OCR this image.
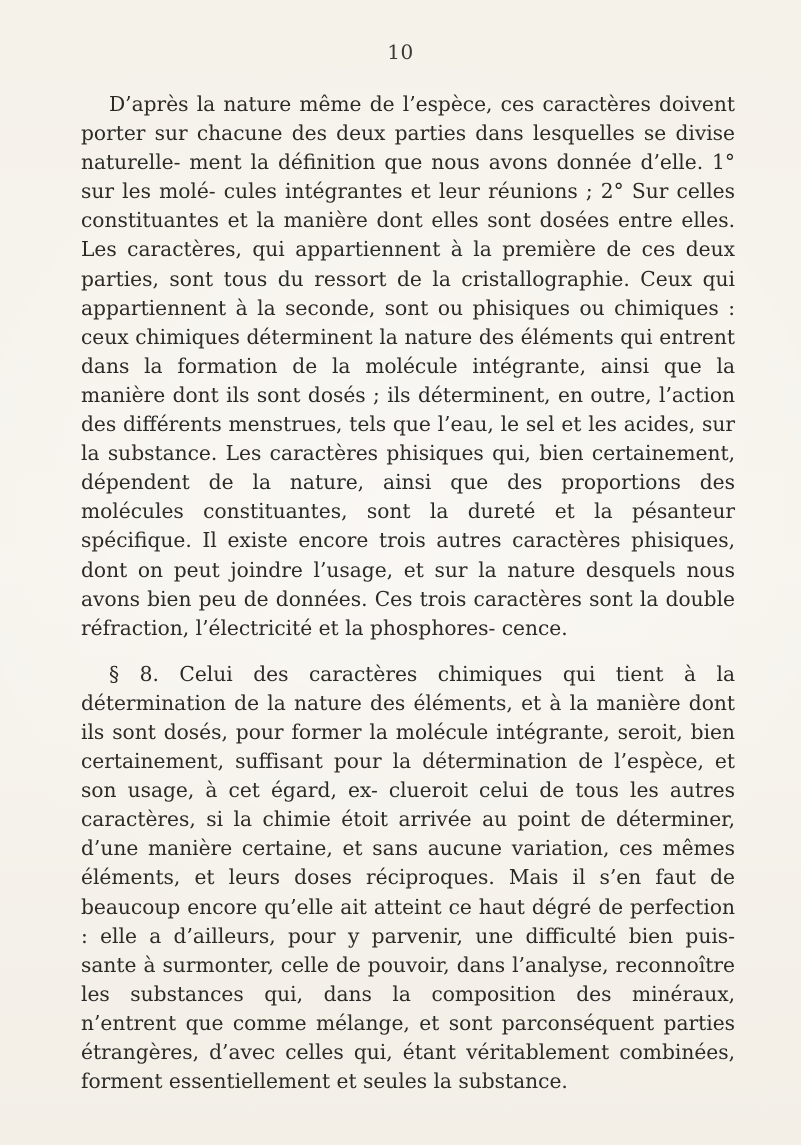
10

D’après la nature même de l’espèce, ces caractères doivent porter sur chacune des deux parties dans lesquelles se divise naturelle- ment la définition que nous avons donnée d’elle. 1° sur les molé- cules intégrantes et leur réunions ; 2° Sur celles constituantes et la manière dont elles sont dosées entre elles. Les caractères, qui appartiennent à la première de ces deux parties, sont tous du ressort de la cristallographie. Ceux qui appartiennent à la seconde, sont ou phisiques ou chimiques : ceux chimiques déterminent la nature des éléments qui entrent dans la formation de la molécule intégrante, ainsi que la manière dont ils sont dosés ; ils déterminent, en outre, l’action des différents menstrues, tels que l’eau, le sel et les acides, sur la substance. Les caractères phisiques qui, bien certainement, dépendent de la nature, ainsi que des proportions des molécules constituantes, sont la dureté et la pésanteur spécifique. Il existe encore trois autres caractères phisiques, dont on peut joindre l’usage, et sur la nature desquels nous avons bien peu de données. Ces trois caractères sont la double réfraction, l’électricité et la phosphores- cence.

§ 8. Celui des caractères chimiques qui tient à la détermination de la nature des éléments, et à la manière dont ils sont dosés, pour former la molécule intégrante, seroit, bien certainement, suffisant pour la détermination de l’espèce, et son usage, à cet égard, ex- clueroit celui de tous les autres caractères, si la chimie étoit arrivée au point de déterminer, d’une manière certaine, et sans aucune variation, ces mêmes éléments, et leurs doses réciproques. Mais il s’en faut de beaucoup encore qu’elle ait atteint ce haut dégré de perfection : elle a d’ailleurs, pour y parvenir, une difficulté bien puis- sante à surmonter, celle de pouvoir, dans l’analyse, reconnoître les substances qui, dans la composition des minéraux, n’entrent que comme mélange, et sont parconséquent parties étrangères, d’avec celles qui, étant véritablement combinées, forment essentiellement et seules la substance.
